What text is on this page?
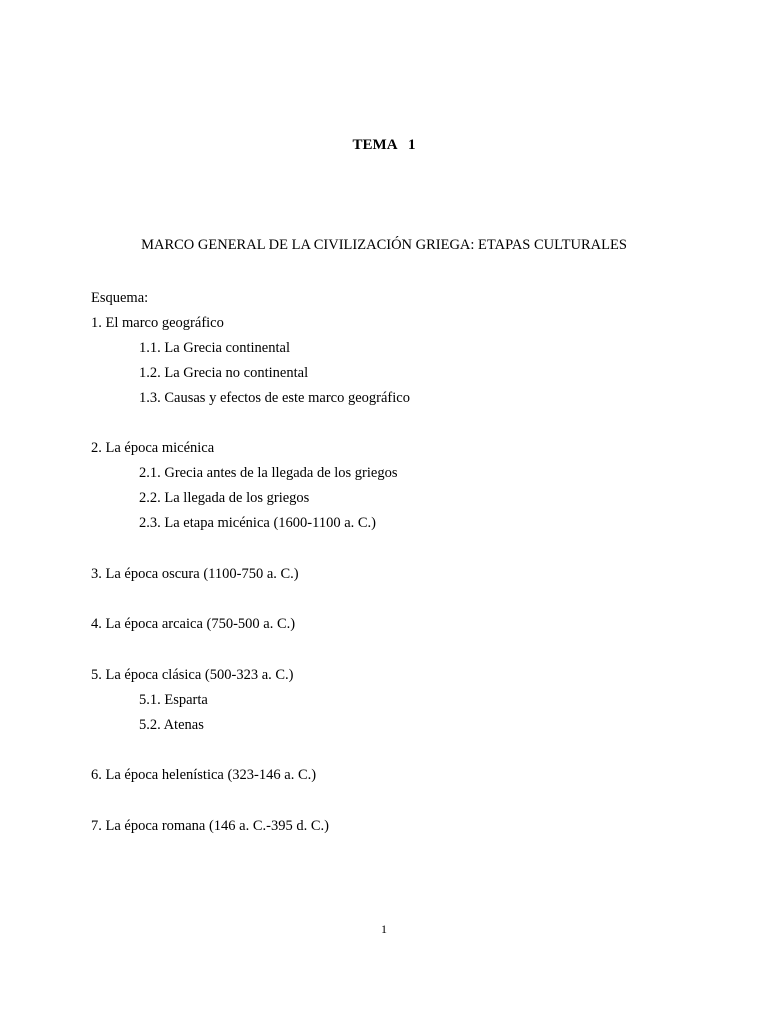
TEMA   1
MARCO GENERAL DE LA CIVILIZACIÓN GRIEGA: ETAPAS CULTURALES
Esquema:
1. El marco geográfico
1.1. La Grecia continental
1.2. La Grecia no continental
1.3. Causas y efectos de este marco geográfico
2. La época micénica
2.1. Grecia antes de la llegada de los griegos
2.2. La llegada de los griegos
2.3. La etapa micénica (1600-1100 a. C.)
3. La época oscura (1100-750 a. C.)
4. La época arcaica (750-500 a. C.)
5. La época clásica (500-323 a. C.)
5.1. Esparta
5.2. Atenas
6. La época helenística (323-146 a. C.)
7. La época romana (146 a. C.-395 d. C.)
1
